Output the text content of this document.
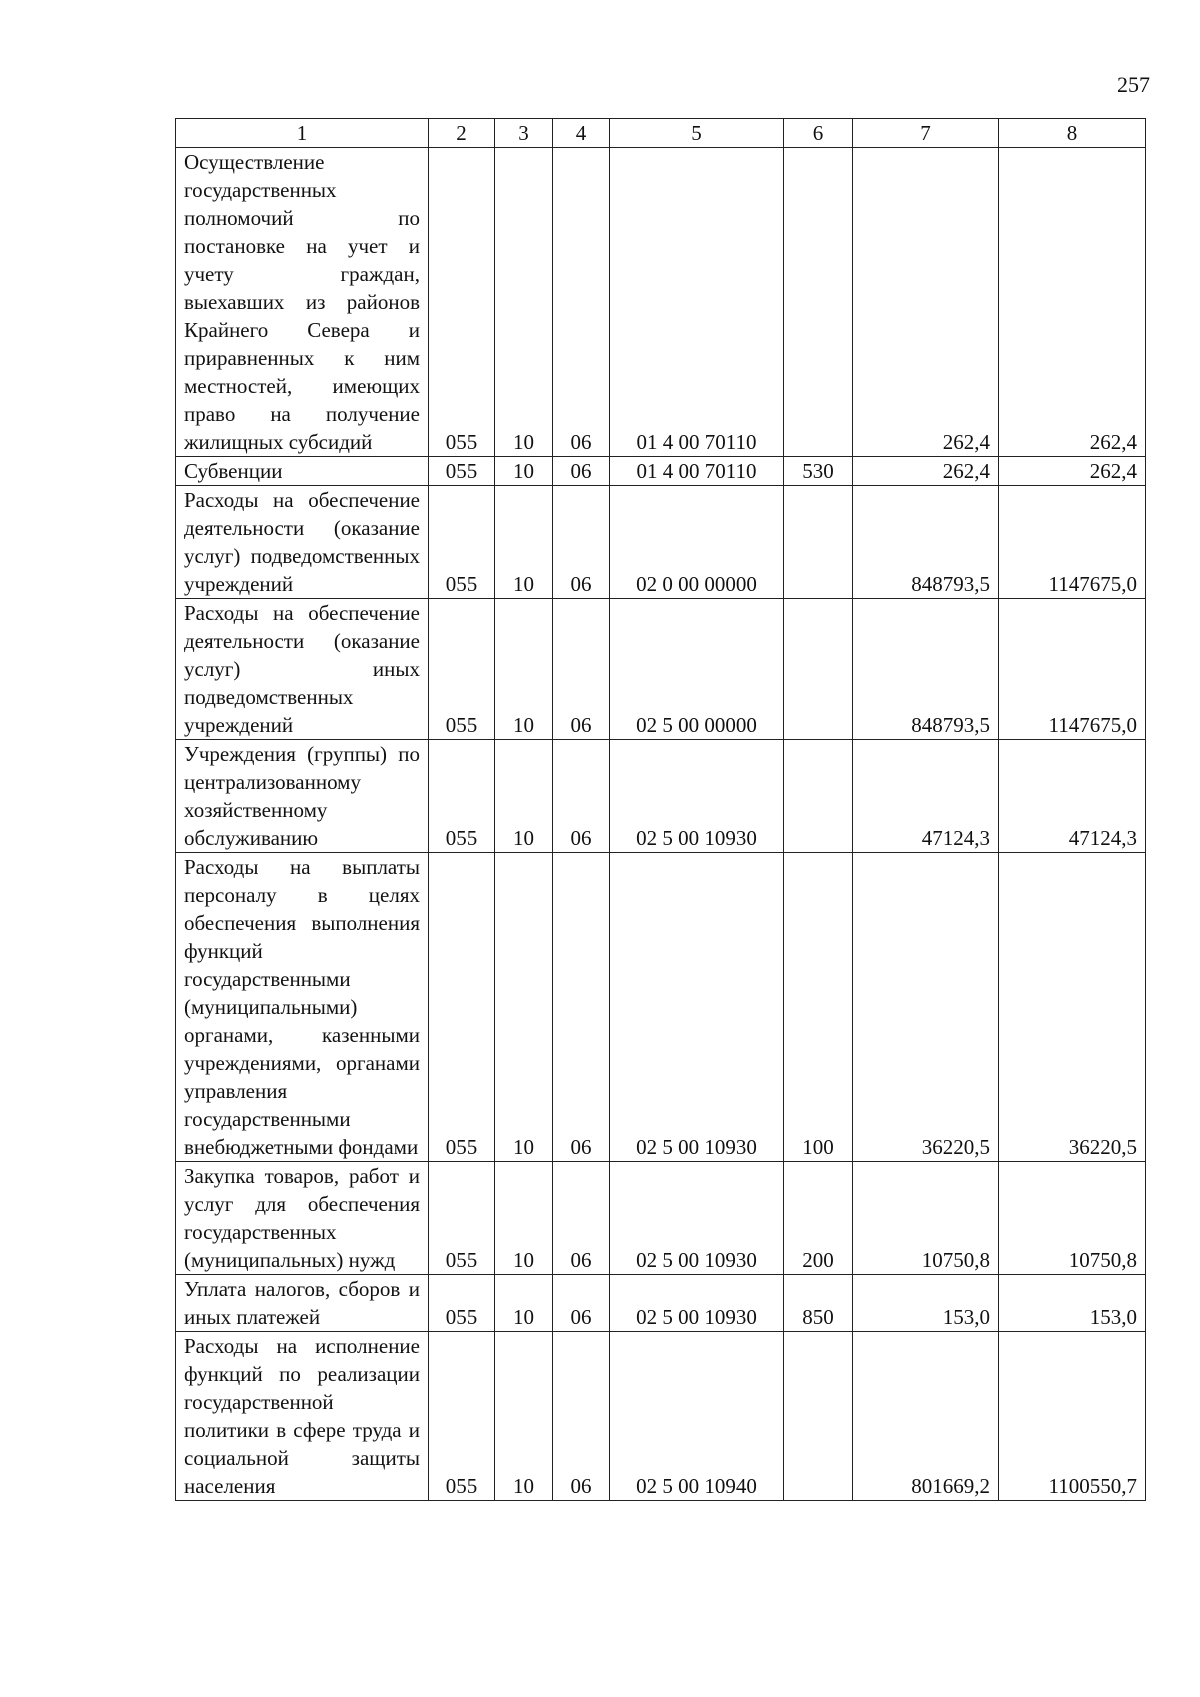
257
1	2	3	4	5	6	7	8
Осуществление государственных полномочий по постановке на учет и учету граждан, выехавших из районов Крайнего Севера и приравненных к ним местностей, имеющих право на получение жилищных субсидий	055	10	06	01 4 00 70110		262,4	262,4
Субвенции	055	10	06	01 4 00 70110	530	262,4	262,4
Расходы на обеспечение деятельности (оказание услуг) подведомственных учреждений	055	10	06	02 0 00 00000		848793,5	1147675,0
Расходы на обеспечение деятельности (оказание услуг) иных подведомственных учреждений	055	10	06	02 5 00 00000		848793,5	1147675,0
Учреждения (группы) по централизованному хозяйственному обслуживанию	055	10	06	02 5 00 10930		47124,3	47124,3
Расходы на выплаты персоналу в целях обеспечения выполнения функций государственными (муниципальными) органами, казенными учреждениями, органами управления государственными внебюджетными фондами	055	10	06	02 5 00 10930	100	36220,5	36220,5
Закупка товаров, работ и услуг для обеспечения государственных (муниципальных) нужд	055	10	06	02 5 00 10930	200	10750,8	10750,8
Уплата налогов, сборов и иных платежей	055	10	06	02 5 00 10930	850	153,0	153,0
Расходы на исполнение функций по реализации государственной политики в сфере труда и социальной защиты населения	055	10	06	02 5 00 10940		801669,2	1100550,7
